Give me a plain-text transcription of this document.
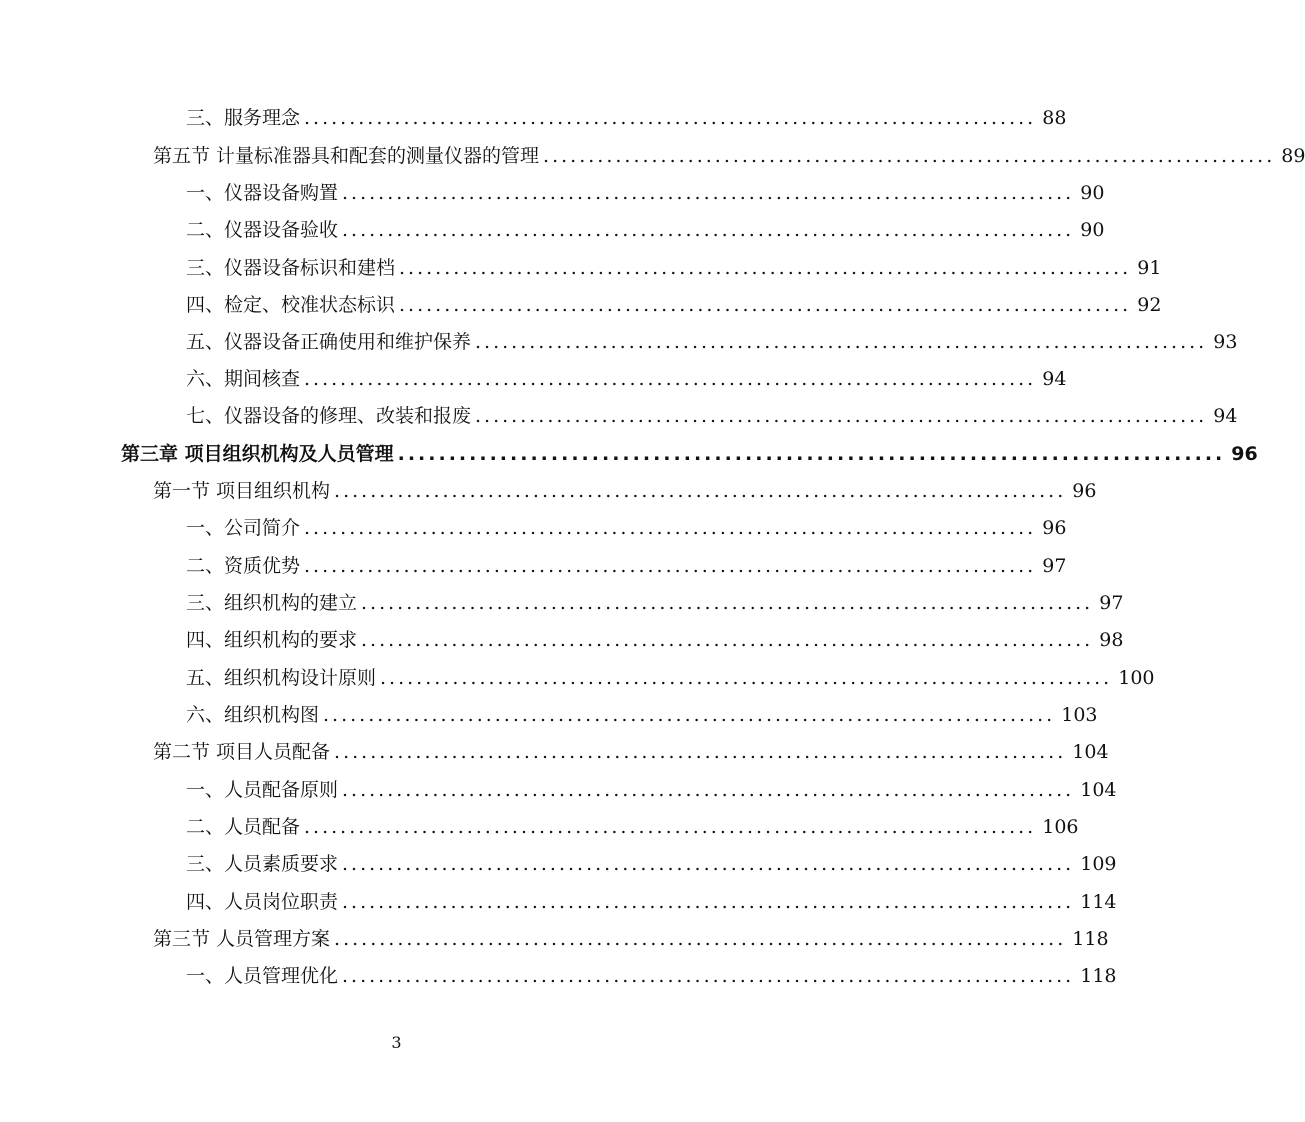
三、服务理念 ................................................................................. 88
第五节 计量标准器具和配套的测量仪器的管理 ................................................................................. 89
一、仪器设备购置 ................................................................................. 90
二、仪器设备验收 ................................................................................. 90
三、仪器设备标识和建档 ................................................................................. 91
四、检定、校准状态标识 ................................................................................. 92
五、仪器设备正确使用和维护保养 ................................................................................. 93
六、期间核查 ................................................................................. 94
七、仪器设备的修理、改装和报废 ................................................................................. 94
第三章 项目组织机构及人员管理 ................................................................................. 96
第一节 项目组织机构 ................................................................................. 96
一、公司简介 ................................................................................. 96
二、资质优势 ................................................................................. 97
三、组织机构的建立 ................................................................................. 97
四、组织机构的要求 ................................................................................. 98
五、组织机构设计原则 ................................................................................. 100
六、组织机构图 ................................................................................. 103
第二节 项目人员配备 ................................................................................. 104
一、人员配备原则 ................................................................................. 104
二、人员配备 ................................................................................. 106
三、人员素质要求 ................................................................................. 109
四、人员岗位职责 ................................................................................. 114
第三节 人员管理方案 ................................................................................. 118
一、人员管理优化 ................................................................................. 118
3
